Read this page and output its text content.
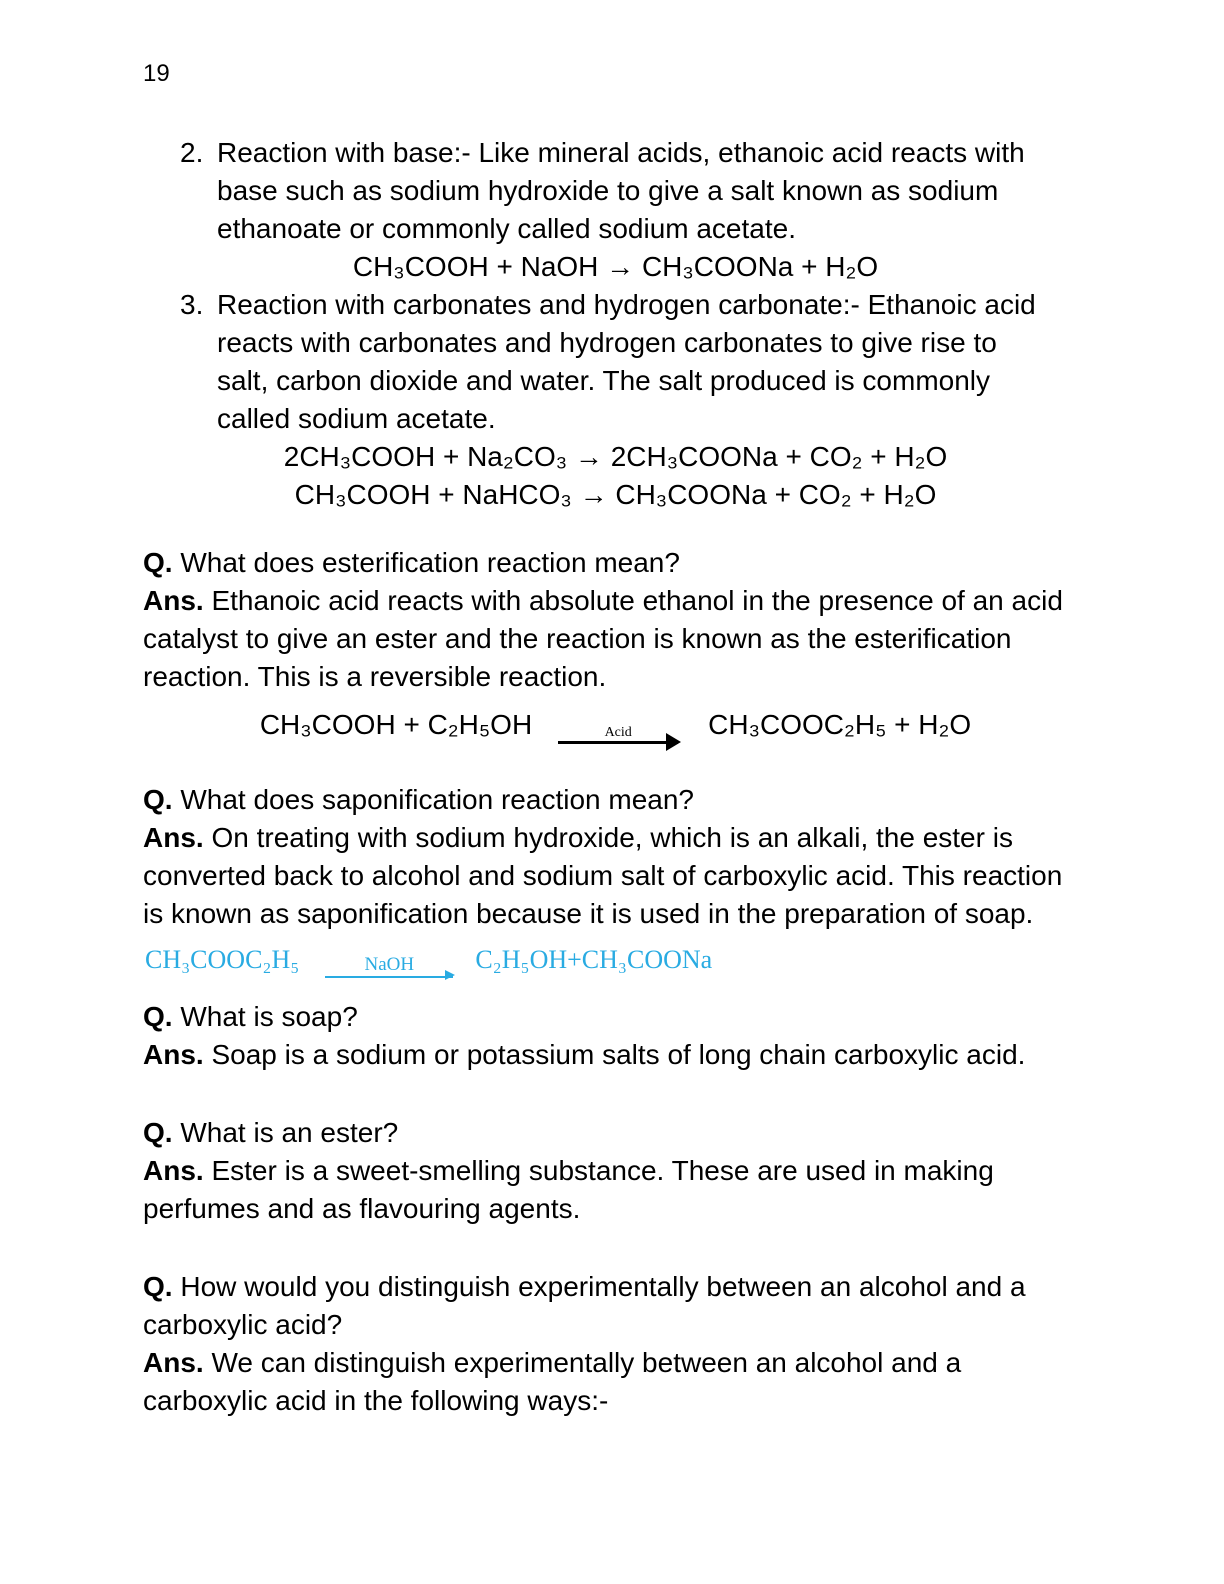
19
2. Reaction with base:- Like mineral acids, ethanoic acid reacts with base such as sodium hydroxide to give a salt known as sodium ethanoate or commonly called sodium acetate.
CH₃COOH + NaOH → CH₃COONa + H₂O
3. Reaction with carbonates and hydrogen carbonate:- Ethanoic acid reacts with carbonates and hydrogen carbonates to give rise to salt, carbon dioxide and water. The salt produced is commonly called sodium acetate.
2CH₃COOH + Na₂CO₃ → 2CH₃COONa + CO₂ + H₂O
CH₃COOH + NaHCO₃ → CH₃COONa + CO₂ + H₂O

Q. What does esterification reaction mean?

Ans. Ethanoic acid reacts with absolute ethanol in the presence of an acid catalyst to give an ester and the reaction is known as the esterification reaction. This is a reversible reaction.

CH₃COOH + C₂H₅OH	Acid	CH₃COOC₂H₅ + H₂O

Q. What does saponification reaction mean?

Ans. On treating with sodium hydroxide, which is an alkali, the ester is converted back to alcohol and sodium salt of carboxylic acid. This reaction is known as saponification because it is used in the preparation of soap.

CH₃COOC₂H₅	NaOH C₂H₅OH+CH₃COONa

Q. What is soap?

Ans. Soap is a sodium or potassium salts of long chain carboxylic acid.

Q. What is an ester?

Ans. Ester is a sweet-smelling substance. These are used in making perfumes and as flavouring agents.

Q. How would you distinguish experimentally between an alcohol and a carboxylic acid?

Ans. We can distinguish experimentally between an alcohol and a carboxylic acid in the following ways:-
